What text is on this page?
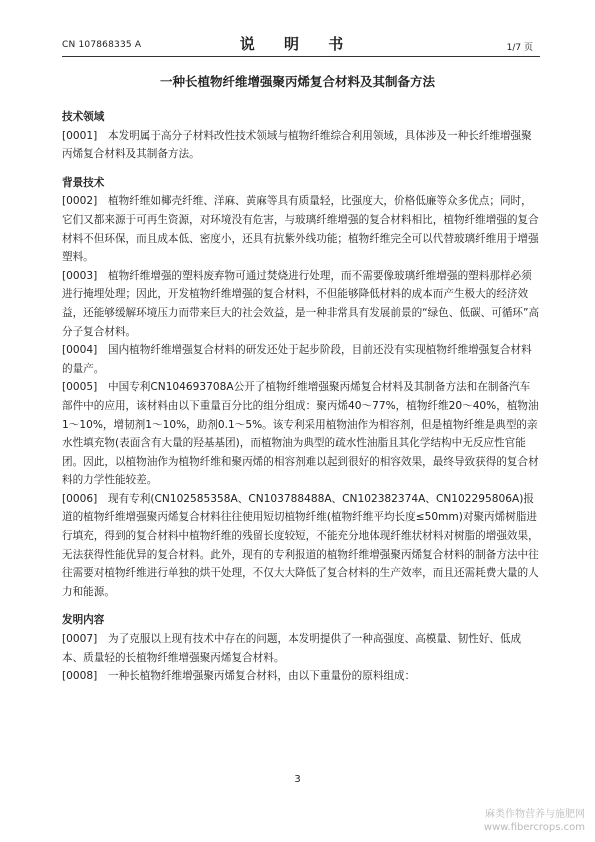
CN 107868335 A	说 明 书	1/7 页
一种长植物纤维增强聚丙烯复合材料及其制备方法
技术领域
[0001] 本发明属于高分子材料改性技术领域与植物纤维综合利用领域，具体涉及一种长纤维增强聚丙烯复合材料及其制备方法。
背景技术
[0002] 植物纤维如椰壳纤维、洋麻、黄麻等具有质量轻，比强度大，价格低廉等众多优点；同时，它们又都来源于可再生资源，对环境没有危害，与玻璃纤维增强的复合材料相比，植物纤维增强的复合材料不但环保，而且成本低、密度小，还具有抗紫外线功能；植物纤维完全可以代替玻璃纤维用于增强塑料。
[0003] 植物纤维增强的塑料废弃物可通过焚烧进行处理，而不需要像玻璃纤维增强的塑料那样必须进行掩埋处理；因此，开发植物纤维增强的复合材料，不但能够降低材料的成本而产生极大的经济效益，还能够缓解环境压力而带来巨大的社会效益，是一种非常具有发展前景的“绿色、低碳、可循环”高分子复合材料。
[0004] 国内植物纤维增强复合材料的研发还处于起步阶段，目前还没有实现植物纤维增强复合材料的量产。
[0005] 中国专利CN104693708A公开了植物纤维增强聚丙烯复合材料及其制备方法和在制备汽车部件中的应用，该材料由以下重量百分比的组分组成：聚丙烯40～77%，植物纤维20～40%，植物油1～10%，增韧剂1～10%，助剂0.1～5%。该专利采用植物油作为相容剂，但是植物纤维是典型的亲水性填充物(表面含有大量的羟基基团)，而植物油为典型的疏水性油脂且其化学结构中无反应性官能团。因此，以植物油作为植物纤维和聚丙烯的相容剂难以起到很好的相容效果，最终导致获得的复合材料的力学性能较差。
[0006] 现有专利(CN102585358A、CN103788488A、CN102382374A、CN102295806A)报道的植物纤维增强聚丙烯复合材料往往使用短切植物纤维(植物纤维平均长度≤50mm)对聚丙烯树脂进行填充，得到的复合材料中植物纤维的残留长度较短，不能充分地体现纤维状材料对树脂的增强效果，无法获得性能优异的复合材料。此外，现有的专利报道的植物纤维增强聚丙烯复合材料的制备方法中往往需要对植物纤维进行单独的烘干处理，不仅大大降低了复合材料的生产效率，而且还需耗费大量的人力和能源。
发明内容
[0007] 为了克服以上现有技术中存在的问题，本发明提供了一种高强度、高模量、韧性好、低成本、质量轻的长植物纤维增强聚丙烯复合材料。
[0008] 一种长植物纤维增强聚丙烯复合材料，由以下重量份的原料组成：
3
麻类作物营养与施肥网
www.fibercrops.com
